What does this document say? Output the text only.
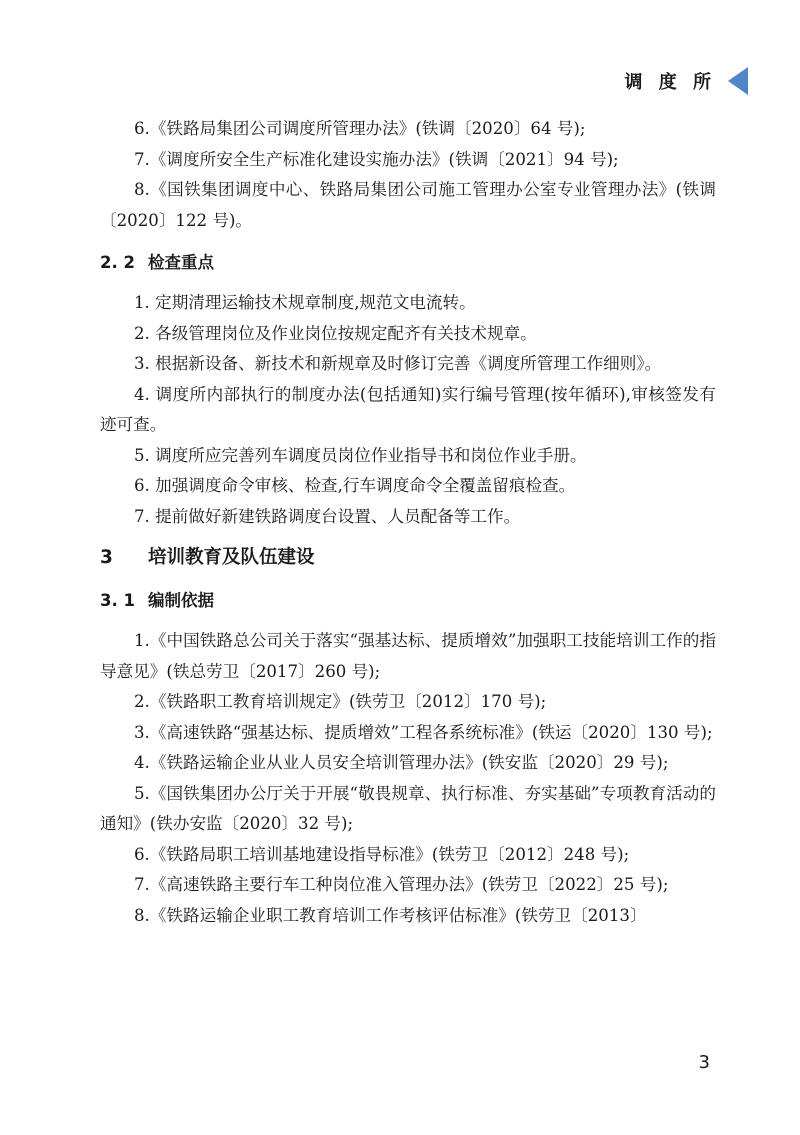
调 度 所

6.《铁路局集团公司调度所管理办法》(铁调〔2020〕64 号);

7.《调度所安全生产标准化建设实施办法》(铁调〔2021〕94 号);

8.《国铁集团调度中心、铁路局集团公司施工管理办公室专业管理办法》(铁调〔2020〕122 号)。

2. 2 检查重点

1. 定期清理运输技术规章制度,规范文电流转。

2. 各级管理岗位及作业岗位按规定配齐有关技术规章。

3. 根据新设备、新技术和新规章及时修订完善《调度所管理工作细则》。

4. 调度所内部执行的制度办法(包括通知)实行编号管理(按年循环),审核签发有迹可查。

5. 调度所应完善列车调度员岗位作业指导书和岗位作业手册。

6. 加强调度命令审核、检查,行车调度命令全覆盖留痕检查。

7. 提前做好新建铁路调度台设置、人员配备等工作。

3 培训教育及队伍建设
3. 1 编制依据

1.《中国铁路总公司关于落实“强基达标、提质增效”加强职工技能培训工作的指导意见》(铁总劳卫〔2017〕260 号);

2.《铁路职工教育培训规定》(铁劳卫〔2012〕170 号);

3.《高速铁路“强基达标、提质增效”工程各系统标准》(铁运〔2020〕130 号);

4.《铁路运输企业从业人员安全培训管理办法》(铁安监〔2020〕29 号);

5.《国铁集团办公厅关于开展“敬畏规章、执行标准、夯实基础”专项教育活动的通知》(铁办安监〔2020〕32 号);

6.《铁路局职工培训基地建设指导标准》(铁劳卫〔2012〕248 号);

7.《高速铁路主要行车工种岗位准入管理办法》(铁劳卫〔2022〕25 号);

8.《铁路运输企业职工教育培训工作考核评估标准》(铁劳卫〔2013〕

3
